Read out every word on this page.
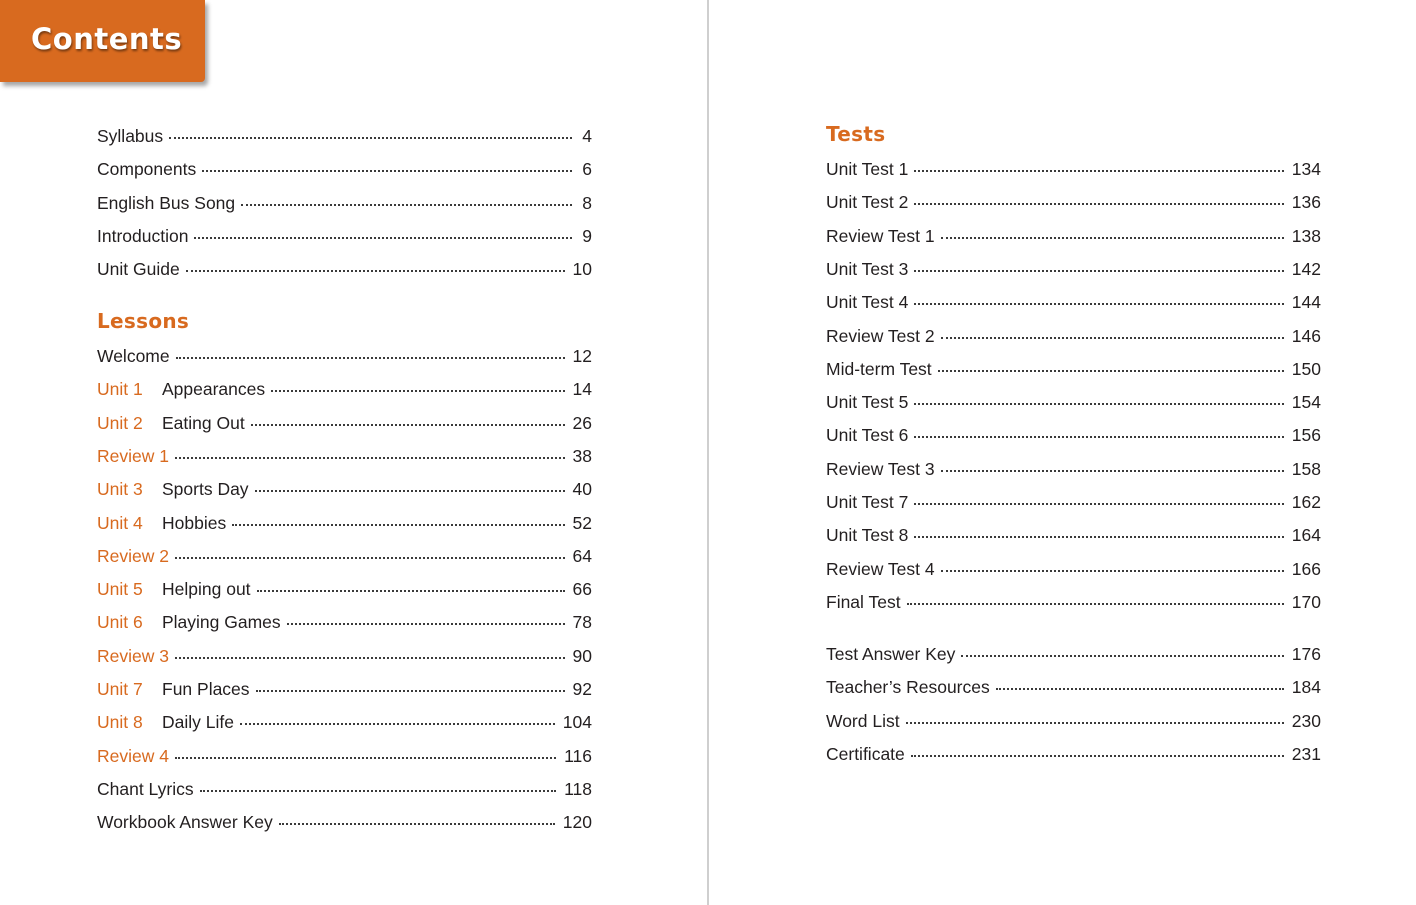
Contents
Syllabus	4
Components	6
English Bus Song	8
Introduction	9
Unit Guide	10
Lessons
Welcome	12
Unit 1	Appearances	14
Unit 2	Eating Out	26
Review 1	38
Unit 3	Sports Day	40
Unit 4	Hobbies	52
Review 2	64
Unit 5	Helping out	66
Unit 6	Playing Games	78
Review 3	90
Unit 7	Fun Places	92
Unit 8	Daily Life	104
Review 4	116
Chant Lyrics	118
Workbook Answer Key	120
Tests
Unit Test 1	134
Unit Test 2	136
Review Test 1	138
Unit Test 3	142
Unit Test 4	144
Review Test 2	146
Mid-term Test	150
Unit Test 5	154
Unit Test 6	156
Review Test 3	158
Unit Test 7	162
Unit Test 8	164
Review Test 4	166
Final Test	170
Test Answer Key	176
Teacher’s Resources	184
Word List	230
Certificate	231
